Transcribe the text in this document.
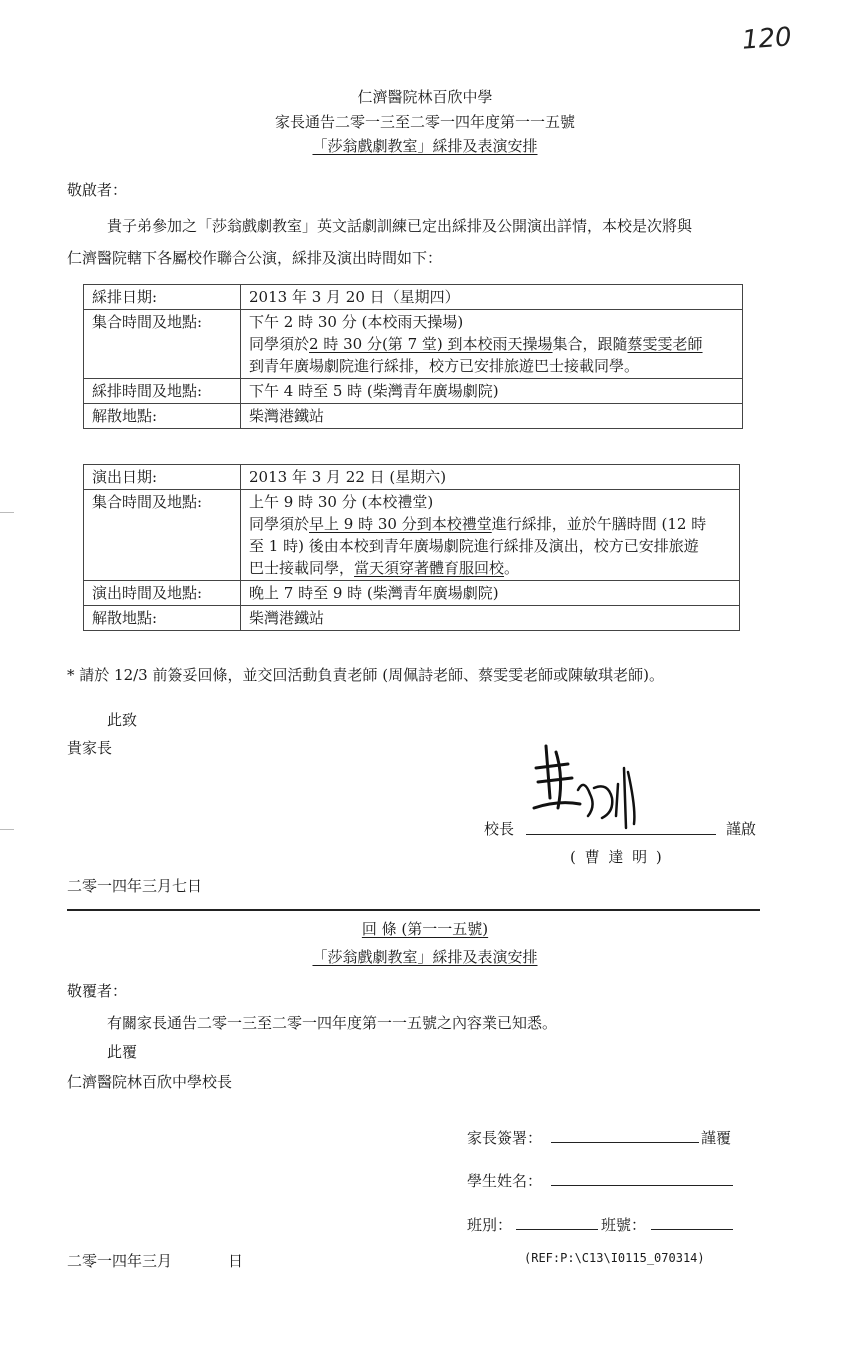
120
仁濟醫院林百欣中學
家長通告二零一三至二零一四年度第一一五號
「莎翁戲劇教室」綵排及表演安排
敬啟者：
貴子弟參加之「莎翁戲劇教室」英文話劇訓練已定出綵排及公開演出詳情，本校是次將與
仁濟醫院轄下各屬校作聯合公演，綵排及演出時間如下：
綵排日期:	2013 年 3 月 20 日（星期四）
集合時間及地點:	下午 2 時 30 分 (本校雨天操場)
同學須於2 時 30 分(第 7 堂) 到本校雨天操場集合，跟隨蔡雯雯老師
到青年廣場劇院進行綵排，校方已安排旅遊巴士接載同學。

綵排時間及地點:	下午 4 時至 5 時 (柴灣青年廣場劇院)
解散地點:	柴灣港鐵站
演出日期:	2013 年 3 月 22 日 (星期六)
集合時間及地點:	上午 9 時 30 分 (本校禮堂)
同學須於早上 9 時 30 分到本校禮堂進行綵排，並於午膳時間 (12 時
至 1 時) 後由本校到青年廣場劇院進行綵排及演出，校方已安排旅遊
巴士接載同學，當天須穿著體育服回校。

演出時間及地點:	晚上 7 時至 9 時 (柴灣青年廣場劇院)
解散地點:	柴灣港鐵站
* 請於 12/3 前簽妥回條，並交回活動負責老師 (周佩詩老師、蔡雯雯老師或陳敏琪老師)。
此致
貴家長
校長	謹啟
( 曹 達 明 )
二零一四年三月七日
回 條 (第一一五號)
「莎翁戲劇教室」綵排及表演安排
敬覆者：
有關家長通告二零一三至二零一四年度第一一五號之內容業已知悉。
此覆
仁濟醫院林百欣中學校長
家長簽署：	謹覆
學生姓名：
班別：	班號：
二零一四年三月	日	(REF:P:\C13\I0115_070314)
